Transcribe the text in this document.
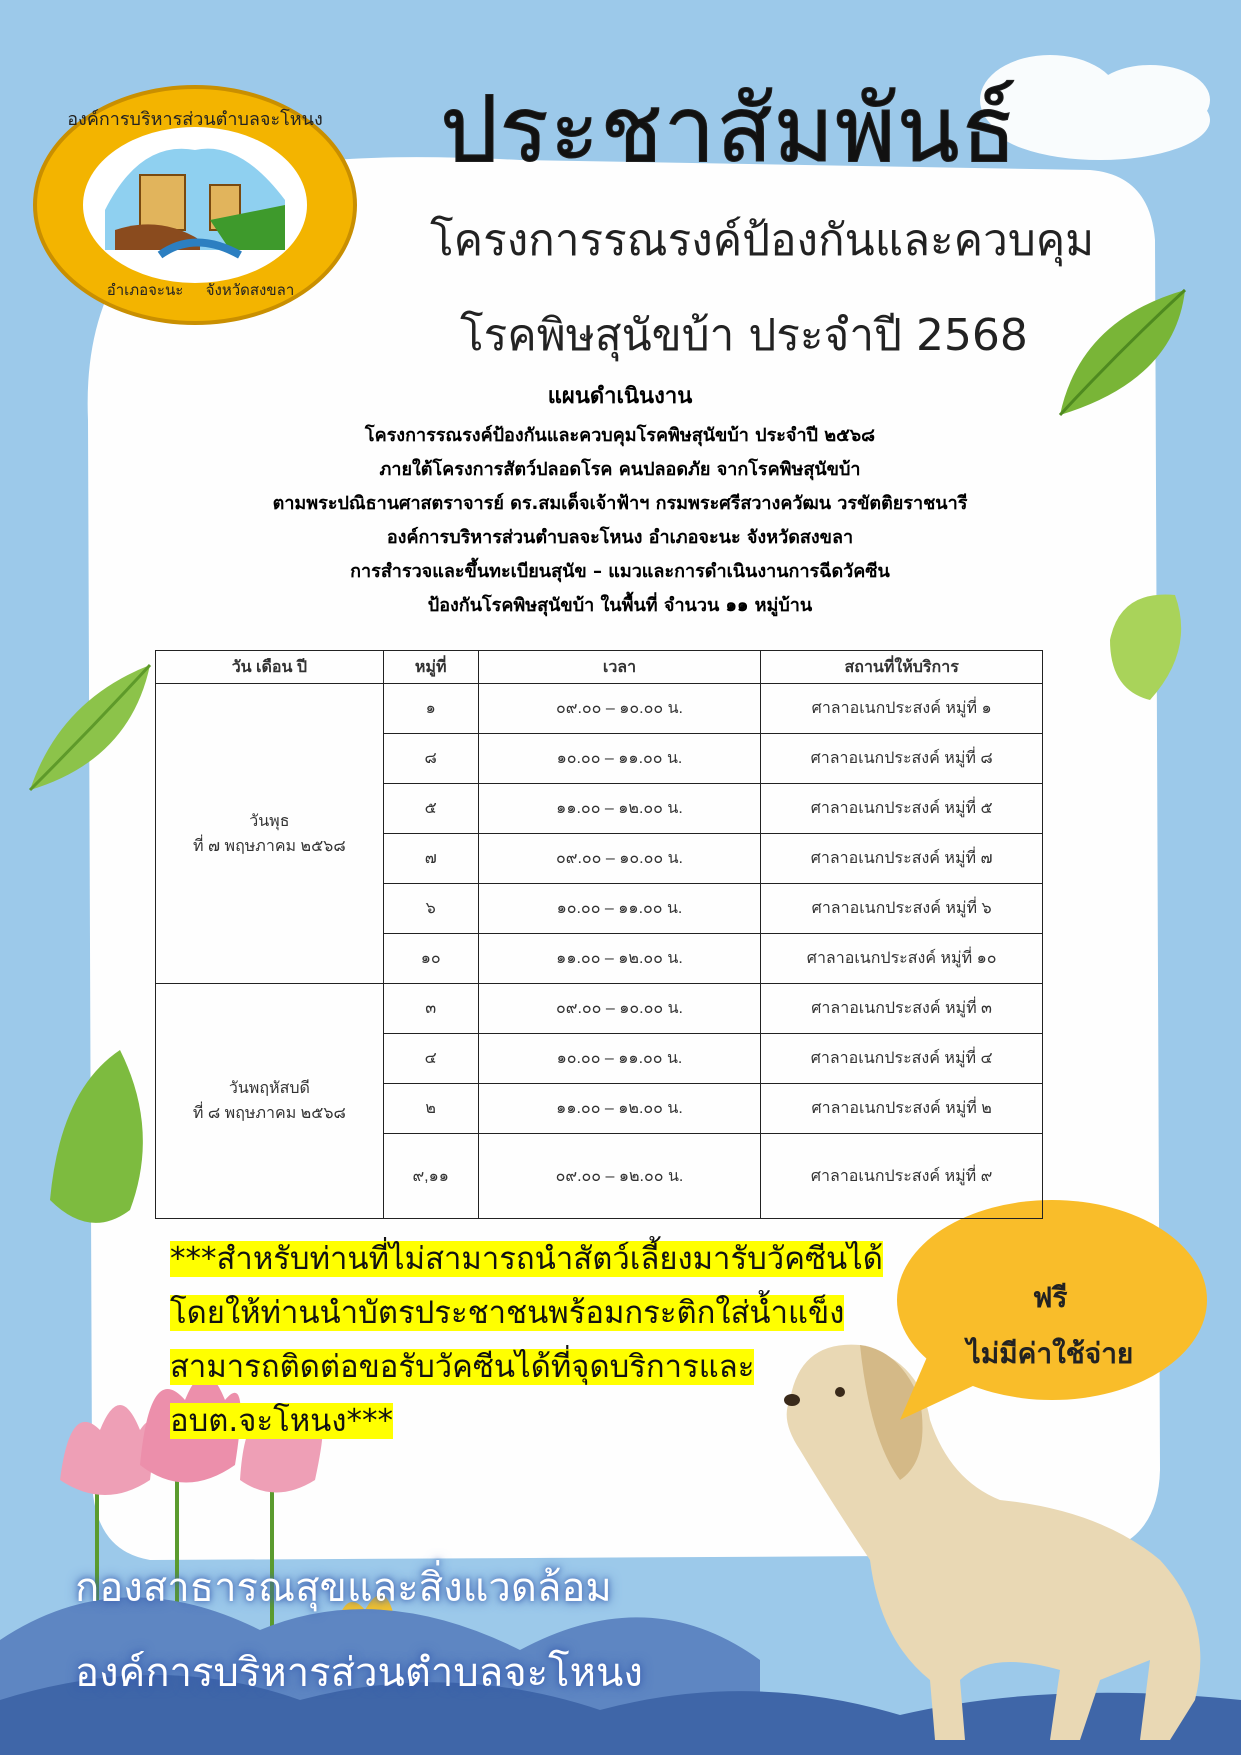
องค์การบริหารส่วนตำบลจะโหนง
อำเภอจะนะ จังหวัดสงขลา
ประชาสัมพันธ์
โครงการรณรงค์ป้องกันและควบคุม
โรคพิษสุนัขบ้า ประจำปี 2568
แผนดำเนินงาน
โครงการรณรงค์ป้องกันและควบคุมโรคพิษสุนัขบ้า ประจำปี ๒๕๖๘
ภายใต้โครงการสัตว์ปลอดโรค คนปลอดภัย จากโรคพิษสุนัขบ้า
ตามพระปณิธานศาสตราจารย์ ดร.สมเด็จเจ้าฟ้าฯ กรมพระศรีสวางควัฒน วรขัตติยราชนารี
องค์การบริหารส่วนตำบลจะโหนง อำเภอจะนะ จังหวัดสงขลา
การสำรวจและขึ้นทะเบียนสุนัข – แมวและการดำเนินงานการฉีดวัคซีน
ป้องกันโรคพิษสุนัขบ้า ในพื้นที่ จำนวน ๑๑ หมู่บ้าน
วัน เดือน ปี	หมู่ที่	เวลา	สถานที่ให้บริการ

วันพุธ
ที่ ๗ พฤษภาคม ๒๕๖๘	๑	๐๙.๐๐ – ๑๐.๐๐ น.	ศาลาอเนกประสงค์ หมู่ที่ ๑
	๘	๑๐.๐๐ – ๑๑.๐๐ น.	ศาลาอเนกประสงค์ หมู่ที่ ๘
	๕	๑๑.๐๐ – ๑๒.๐๐ น.	ศาลาอเนกประสงค์ หมู่ที่ ๕
	๗	๐๙.๐๐ – ๑๐.๐๐ น.	ศาลาอเนกประสงค์ หมู่ที่ ๗
	๖	๑๐.๐๐ – ๑๑.๐๐ น.	ศาลาอเนกประสงค์ หมู่ที่ ๖
	๑๐	๑๑.๐๐ – ๑๒.๐๐ น.	ศาลาอเนกประสงค์ หมู่ที่ ๑๐

วันพฤหัสบดี
ที่ ๘ พฤษภาคม ๒๕๖๘	๓	๐๙.๐๐ – ๑๐.๐๐ น.	ศาลาอเนกประสงค์ หมู่ที่ ๓
	๔	๑๐.๐๐ – ๑๑.๐๐ น.	ศาลาอเนกประสงค์ หมู่ที่ ๔
	๒	๑๑.๐๐ – ๑๒.๐๐ น.	ศาลาอเนกประสงค์ หมู่ที่ ๒
	๙,๑๑	๐๙.๐๐ – ๑๒.๐๐ น.	ศาลาอเนกประสงค์ หมู่ที่ ๙
***สำหรับท่านที่ไม่สามารถนำสัตว์เลี้ยงมารับวัคซีนได้
โดยให้ท่านนำบัตรประชาชนพร้อมกระติกใส่น้ำแข็ง
สามารถติดต่อขอรับวัคซีนได้ที่จุดบริการและ
อบต.จะโหนง***
ฟรี
ไม่มีค่าใช้จ่าย
กองสาธารณสุขและสิ่งแวดล้อม
องค์การบริหารส่วนตำบลจะโหนง
